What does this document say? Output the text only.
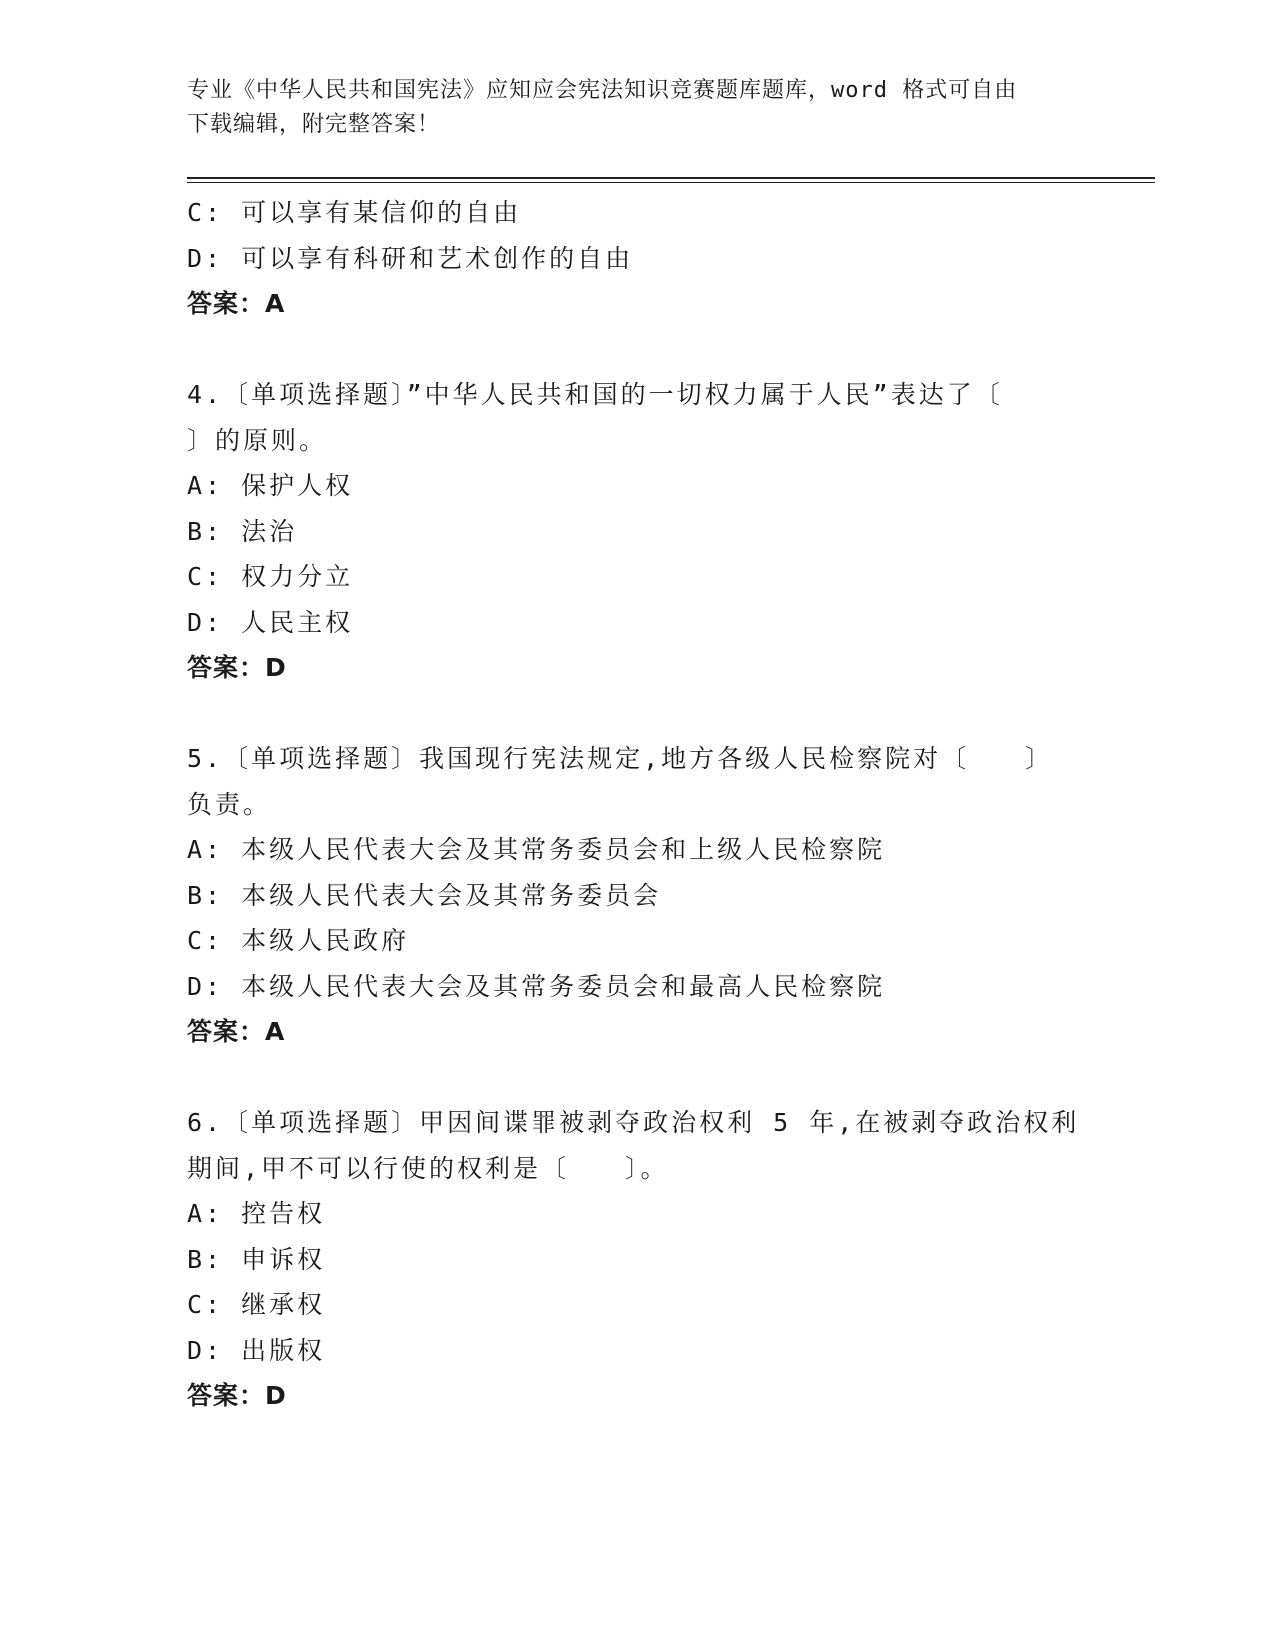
专业《中华人民共和国宪法》应知应会宪法知识竞赛题库题库，word 格式可自由
下载编辑，附完整答案！
C: 可以享有某信仰的自由
D: 可以享有科研和艺术创作的自由
答案：A
4.〔单项选择题〕”中华人民共和国的一切权力属于人民”表达了〔
〕的原则。
A: 保护人权
B: 法治
C: 权力分立
D: 人民主权
答案：D
5.〔单项选择题〕我国现行宪法规定,地方各级人民检察院对〔　　〕
负责。
A: 本级人民代表大会及其常务委员会和上级人民检察院
B: 本级人民代表大会及其常务委员会
C: 本级人民政府
D: 本级人民代表大会及其常务委员会和最高人民检察院
答案：A
6.〔单项选择题〕甲因间谍罪被剥夺政治权利 5 年,在被剥夺政治权利
期间,甲不可以行使的权利是〔　　〕。
A: 控告权
B: 申诉权
C: 继承权
D: 出版权
答案：D
